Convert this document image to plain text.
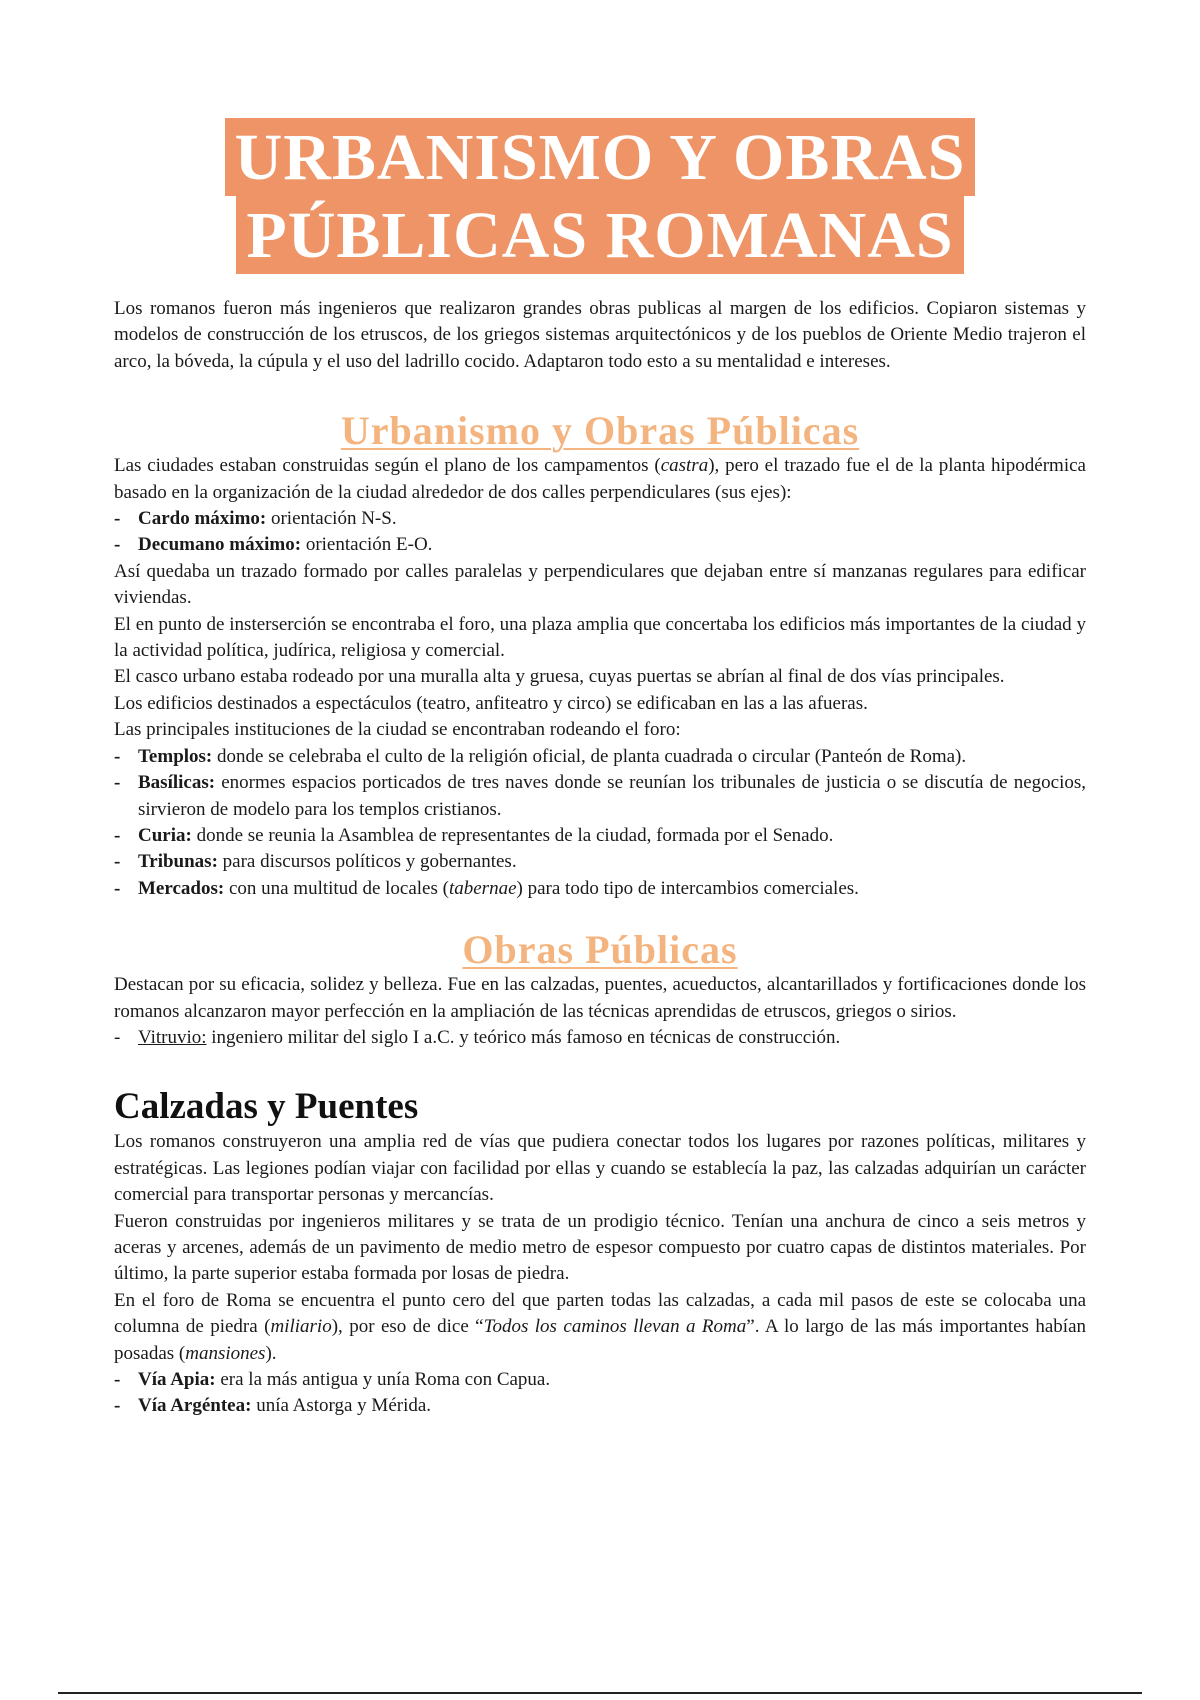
URBANISMO Y OBRAS
PÚBLICAS ROMANAS

Los romanos fueron más ingenieros que realizaron grandes obras publicas al margen de los edificios. Copiaron sistemas y modelos de construcción de los etruscos, de los griegos sistemas arquitectónicos y de los pueblos de Oriente Medio trajeron el arco, la bóveda, la cúpula y el uso del ladrillo cocido. Adaptaron todo esto a su mentalidad e intereses.

Urbanismo y Obras Públicas

Las ciudades estaban construidas según el plano de los campamentos (castra), pero el trazado fue el de la planta hipodérmica basado en la organización de la ciudad alrededor de dos calles perpendiculares (sus ejes):

- Cardo máximo: orientación N-S.
- Decumano máximo: orientación E-O.

Así quedaba un trazado formado por calles paralelas y perpendiculares que dejaban entre sí manzanas regulares para edificar viviendas.

El en punto de insterserción se encontraba el foro, una plaza amplia que concertaba los edificios más importantes de la ciudad y la actividad política, judírica, religiosa y comercial.

El casco urbano estaba rodeado por una muralla alta y gruesa, cuyas puertas se abrían al final de dos vías principales.

Los edificios destinados a espectáculos (teatro, anfiteatro y circo) se edificaban en las a las afueras.

Las principales instituciones de la ciudad se encontraban rodeando el foro:

- Templos: donde se celebraba el culto de la religión oficial, de planta cuadrada o circular (Panteón de Roma).
- Basílicas: enormes espacios porticados de tres naves donde se reunían los tribunales de justicia o se discutía de negocios, sirvieron de modelo para los templos cristianos.
- Curia: donde se reunia la Asamblea de representantes de la ciudad, formada por el Senado.
- Tribunas: para discursos políticos y gobernantes.
- Mercados: con una multitud de locales (tabernae) para todo tipo de intercambios comerciales.
Obras Públicas

Destacan por su eficacia, solidez y belleza. Fue en las calzadas, puentes, acueductos, alcantarillados y fortificaciones donde los romanos alcanzaron mayor perfección en la ampliación de las técnicas aprendidas de etruscos, griegos o sirios.

- Vitruvio: ingeniero militar del siglo I a.C. y teórico más famoso en técnicas de construcción.
Calzadas y Puentes

Los romanos construyeron una amplia red de vías que pudiera conectar todos los lugares por razones políticas, militares y estratégicas. Las legiones podían viajar con facilidad por ellas y cuando se establecía la paz, las calzadas adquirían un carácter comercial para transportar personas y mercancías.

Fueron construidas por ingenieros militares y se trata de un prodigio técnico. Tenían una anchura de cinco a seis metros y aceras y arcenes, además de un pavimento de medio metro de espesor compuesto por cuatro capas de distintos materiales. Por último, la parte superior estaba formada por losas de piedra.

En el foro de Roma se encuentra el punto cero del que parten todas las calzadas, a cada mil pasos de este se colocaba una columna de piedra (miliario), por eso de dice “Todos los caminos llevan a Roma”. A lo largo de las más importantes habían posadas (mansiones).

- Vía Apia: era la más antigua y unía Roma con Capua.
- Vía Argéntea: unía Astorga y Mérida.
